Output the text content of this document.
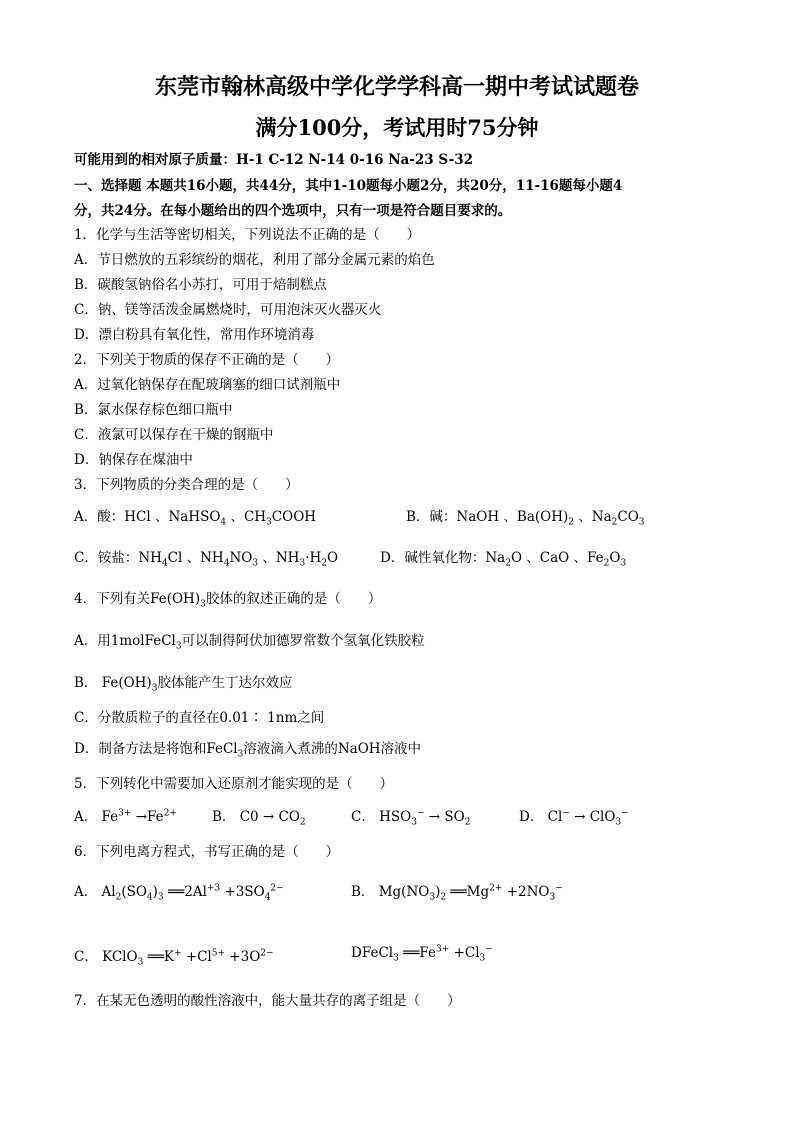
东莞市翰林高级中学化学学科高一期中考试试题卷
满分100分，考试用时75分钟
可能用到的相对原子质量：H-1 C-12 N-14 0-16 Na-23 S-32
一、选择题 本题共16小题，共44分，其中1-10题每小题2分，共20分，11-16题每小题4
分，共24分。在每小题给出的四个选项中，只有一项是符合题目要求的。
1．化学与生活等密切相关，下列说法不正确的是（　　）
A．节日燃放的五彩缤纷的烟花，利用了部分金属元素的焰色
B．碳酸氢钠俗名小苏打，可用于焙制糕点
C．钠、镁等活泼金属燃烧时，可用泡沫灭火器灭火
D．漂白粉具有氧化性，常用作环境消毒
2．下列关于物质的保存不正确的是（　　）
A．过氧化钠保存在配玻璃塞的细口试剂瓶中
B．氯水保存棕色细口瓶中
C．液氯可以保存在干燥的钢瓶中
D．钠保存在煤油中
3．下列物质的分类合理的是（　　）
A．酸：HCl 、NaHSO$_4$ 、$CH_3COOH$	B．碱：NaOH 、$Ba(OH)_2$ 、$Na_2CO_3$
C．铵盐：$NH_4Cl$ 、$NH_4NO_3$ 、$NH_3\cdot H_2O$	D．碱性氧化物：$Na_2O$ 、CaO 、$Fe_2O_3$
4．下列有关$Fe(OH)_3$胶体的叙述正确的是（　　）
A．用1molFeCl$_3$可以制得阿伏加德罗常数个氢氧化铁胶粒
B． $Fe(OH)_3$胶体能产生丁达尔效应
C．分散质粒子的直径在0.01∶ 1nm之间
D．制备方法是将饱和FeCl$_3$溶液滴入煮沸的NaOH溶液中
5．下列转化中需要加入还原剂才能实现的是（　　）
A． $Fe^{3+} \to Fe^{2+}$	B． $C0 \to CO_2$	C． $HSO_3^- \to SO_2$	D． Cl− → ClO$_3$−
6．下列电离方程式，书写正确的是（　　）
A． $Al_2(SO_4)_3$ $══2Al^{+3} +3SO_4^{2-}$	B． $Mg(NO_3)_2$ $══Mg^{2+} +2NO_3^-$
C． KClO$_3$ ══K+ $+Cl^{5+} +3O^{2-}$	DFeCl$_3$ $══Fe^{3+} +Cl_3^-$
7．在某无色透明的酸性溶液中，能大量共存的离子组是（　　）
